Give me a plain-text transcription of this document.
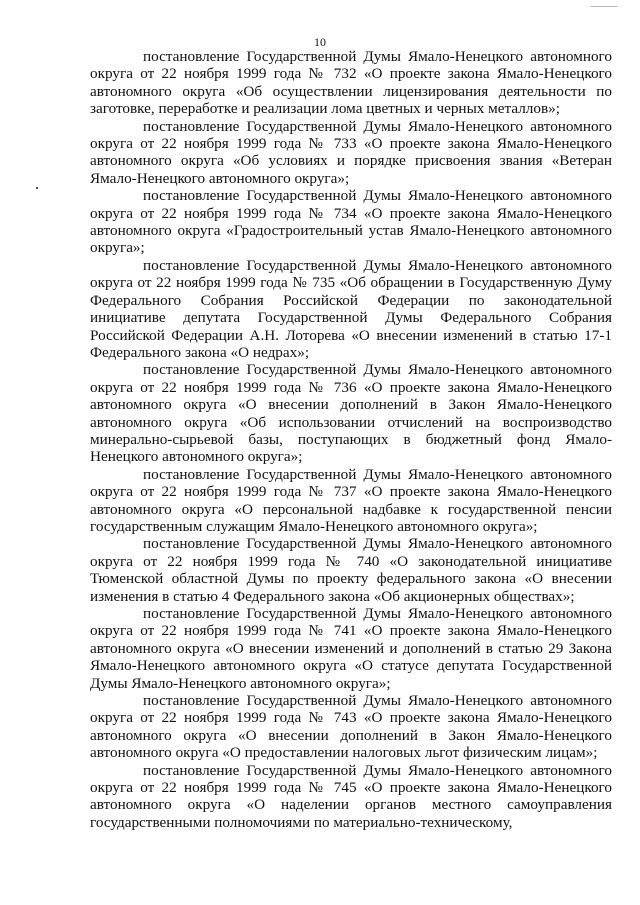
10

постановление Государственной Думы Ямало-Ненецкого автономного округа от 22 ноября 1999 года № 732 «О проекте закона Ямало-Ненецкого автономного округа «Об осуществлении лицензирования деятельности по заготовке, переработке и реализации лома цветных и черных металлов»;

постановление Государственной Думы Ямало-Ненецкого автономного округа от 22 ноября 1999 года № 733 «О проекте закона Ямало-Ненецкого автономного округа «Об условиях и порядке присвоения звания «Ветеран Ямало-Ненецкого автономного округа»;

постановление Государственной Думы Ямало-Ненецкого автономного округа от 22 ноября 1999 года № 734 «О проекте закона Ямало-Ненецкого автономного округа «Градостроительный устав Ямало-Ненецкого автономного округа»;

постановление Государственной Думы Ямало-Ненецкого автономного округа от 22 ноября 1999 года № 735 «Об обращении в Государственную Думу Федерального Собрания Российской Федерации по законодательной инициативе депутата Государственной Думы Федерального Собрания Российской Федерации А.Н. Лоторева «О внесении изменений в статью 17-1 Федерального закона «О недрах»;

постановление Государственной Думы Ямало-Ненецкого автономного округа от 22 ноября 1999 года № 736 «О проекте закона Ямало-Ненецкого автономного округа «О внесении дополнений в Закон Ямало-Ненецкого автономного округа «Об использовании отчислений на воспроизводство минерально-сырьевой базы, поступающих в бюджетный фонд Ямало-Ненецкого автономного округа»;

постановление Государственной Думы Ямало-Ненецкого автономного округа от 22 ноября 1999 года № 737 «О проекте закона Ямало-Ненецкого автономного округа «О персональной надбавке к государственной пенсии государственным служащим Ямало-Ненецкого автономного округа»;

постановление Государственной Думы Ямало-Ненецкого автономного округа от 22 ноября 1999 года № 740 «О законодательной инициативе Тюменской областной Думы по проекту федерального закона «О внесении изменения в статью 4 Федерального закона «Об акционерных обществах»;

постановление Государственной Думы Ямало-Ненецкого автономного округа от 22 ноября 1999 года № 741 «О проекте закона Ямало-Ненецкого автономного округа «О внесении изменений и дополнений в статью 29 Закона Ямало-Ненецкого автономного округа «О статусе депутата Государственной Думы Ямало-Ненецкого автономного округа»;

постановление Государственной Думы Ямало-Ненецкого автономного округа от 22 ноября 1999 года № 743 «О проекте закона Ямало-Ненецкого автономного округа «О внесении дополнений в Закон Ямало-Ненецкого автономного округа «О предоставлении налоговых льгот физическим лицам»;

постановление Государственной Думы Ямало-Ненецкого автономного округа от 22 ноября 1999 года № 745 «О проекте закона Ямало-Ненецкого автономного округа «О наделении органов местного самоуправления государственными полномочиями по материально-техническому,
